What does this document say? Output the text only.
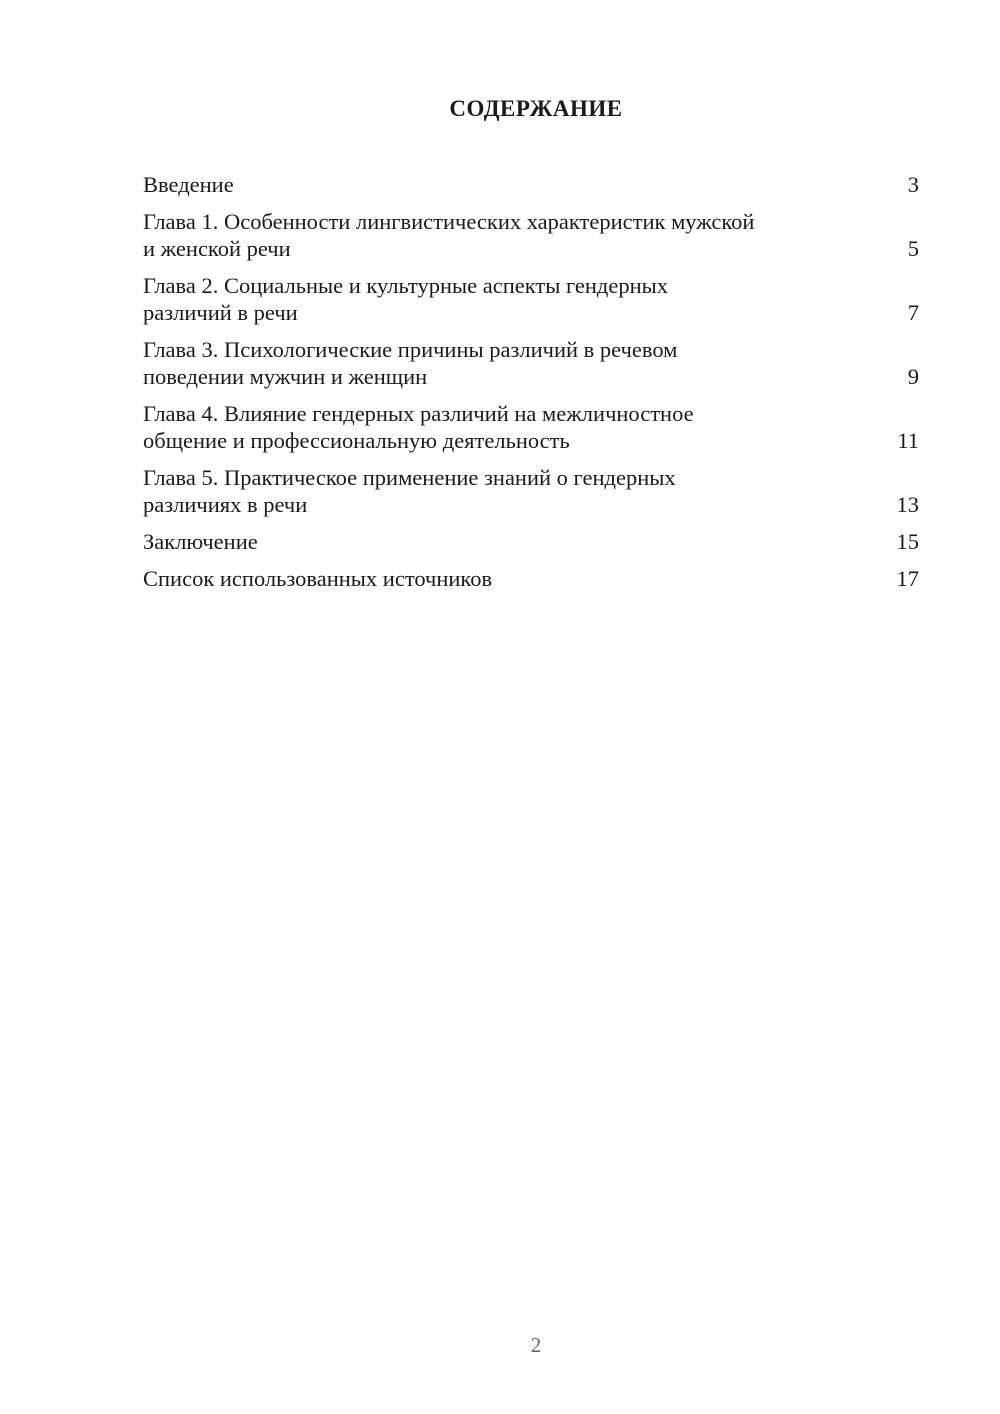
СОДЕРЖАНИЕ
Введение	3
Глава 1. Особенности лингвистических характеристик мужской
и женской речи	5
Глава 2. Социальные и культурные аспекты гендерных
различий в речи	7
Глава 3. Психологические причины различий в речевом
поведении мужчин и женщин	9
Глава 4. Влияние гендерных различий на межличностное
общение и профессиональную деятельность	11
Глава 5. Практическое применение знаний о гендерных
различиях в речи	13
Заключение	15
Список использованных источников	17
2
